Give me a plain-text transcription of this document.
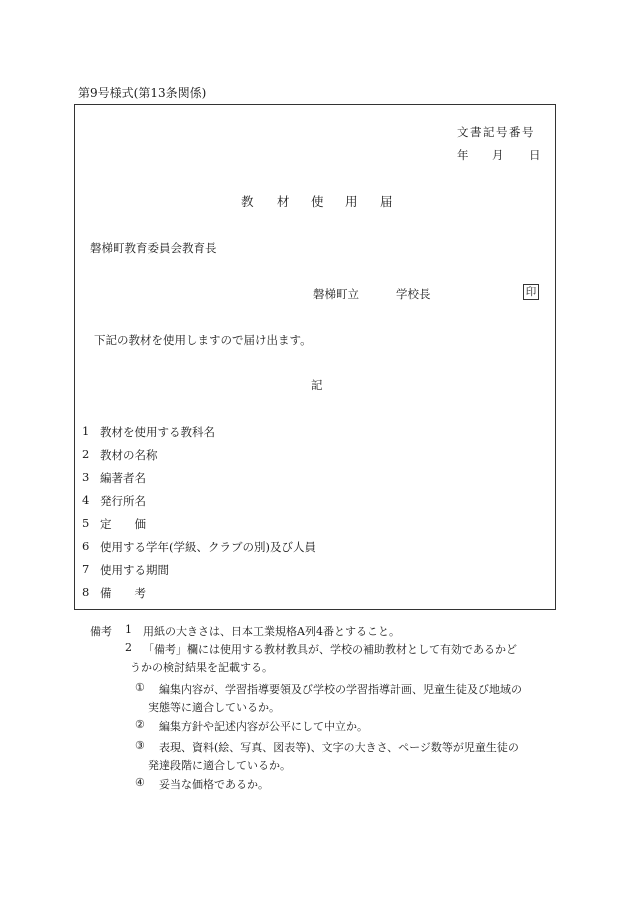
第9号様式(第13条関係)
文書記号番号
年 月 日
教 材 使 用 届
磐梯町教育委員会教育長
磐梯町立	学校長	印
下記の教材を使用しますので届け出ます。
記
1 教材を使用する教科名
2 教材の名称
3 編著者名
4 発行所名
5 定　　価
6 使用する学年(学級、クラブの別)及び人員
7 使用する期間
8 備　　考
備考 1 用紙の大きさは、日本工業規格A列4番とすること。
2 「備考」欄には使用する教材教具が、学校の補助教材として有効であるかど
うかの検討結果を記載する。
① 編集内容が、学習指導要領及び学校の学習指導計画、児童生徒及び地域の
実態等に適合しているか。
② 編集方針や記述内容が公平にして中立か。
③ 表現、資料(絵、写真、図表等)、文字の大きさ、ページ数等が児童生徒の
発達段階に適合しているか。
④ 妥当な価格であるか。
